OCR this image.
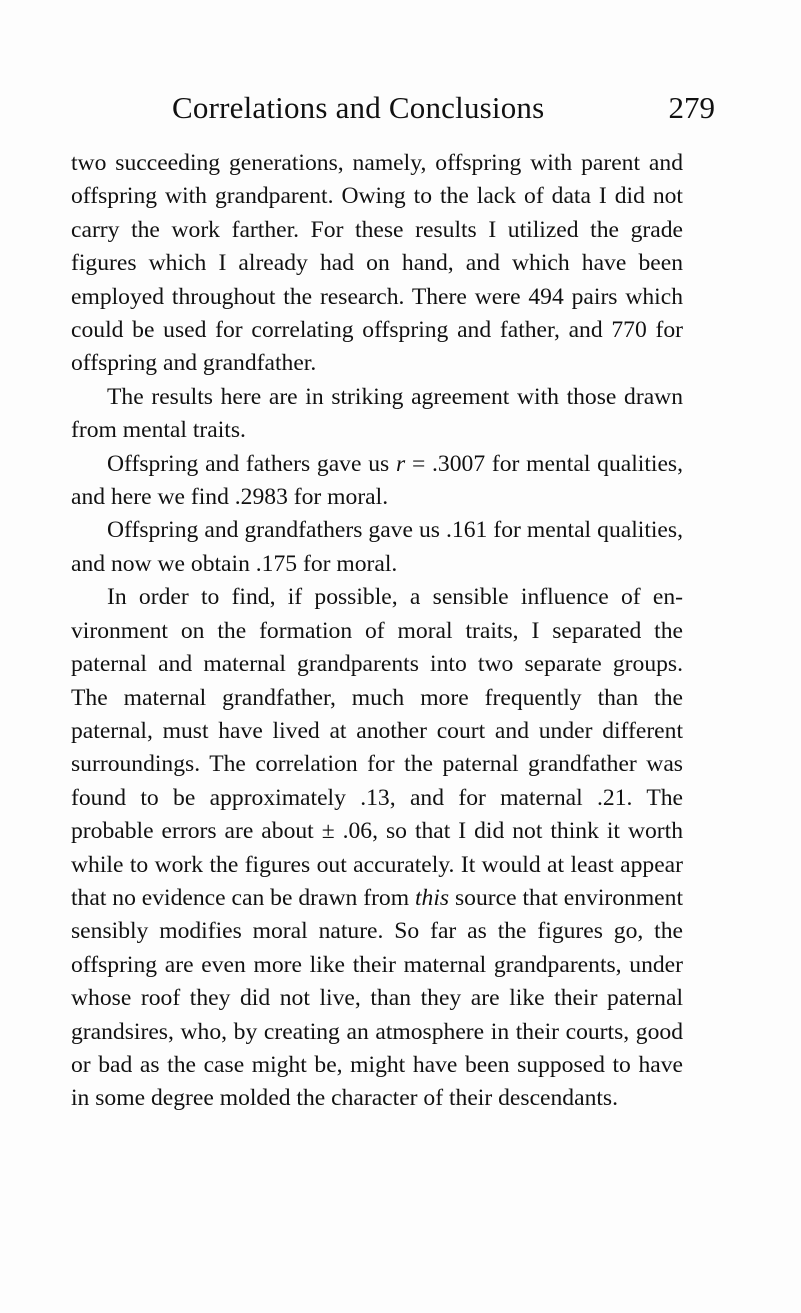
Correlations and Conclusions	279

two succeeding generations, namely, offspring with parent and offspring with grandparent. Owing to the lack of data I did not carry the work farther. For these results I utilized the grade figures which I already had on hand, and which have been employed throughout the research. There were 494 pairs which could be used for correlating offspring and father, and 770 for offspring and grandfather.

The results here are in striking agreement with those drawn from mental traits.

Offspring and fathers gave us r = .3007 for mental qualities, and here we find .2983 for moral.

Offspring and grandfathers gave us .161 for mental qualities, and now we obtain .175 for moral.

In order to find, if possible, a sensible influence of environment on the formation of moral traits, I separated the paternal and maternal grandparents into two separate groups. The maternal grandfather, much more frequently than the paternal, must have lived at another court and under different surroundings. The correlation for the paternal grandfather was found to be approximately .13, and for maternal .21. The probable errors are about ± .06, so that I did not think it worth while to work the figures out accurately. It would at least appear that no evidence can be drawn from this source that environment sensibly modifies moral nature. So far as the figures go, the offspring are even more like their maternal grandparents, under whose roof they did not live, than they are like their paternal grandsires, who, by creating an atmosphere in their courts, good or bad as the case might be, might have been supposed to have in some degree molded the character of their descendants.
